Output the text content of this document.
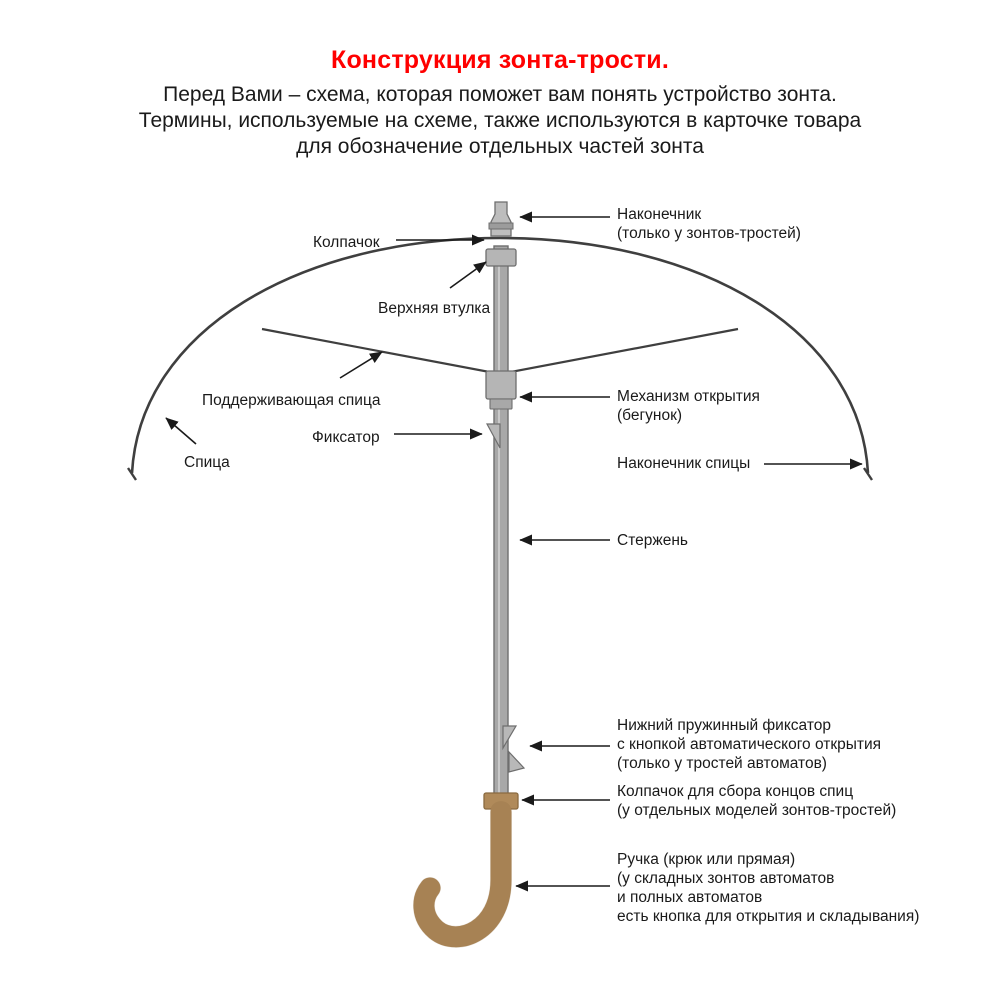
Конструкция зонта-трости.
Перед Вами – схема, которая поможет вам понять устройство зонта.
Термины, используемые на схеме, также используются в карточке товара
для обозначение отдельных частей зонта
Наконечник
(только у зонтов-тростей)
Колпачок
Верхняя втулка
Поддерживающая спица	Механизм открытия
(бегунок)
Фиксатор
Спица	Наконечник спицы
Стержень
Нижний пружинный фиксатор
с кнопкой автоматического открытия
(только у тростей автоматов)
Колпачок для сбора концов спиц
(у отдельных моделей зонтов-тростей)
Ручка (крюк или прямая)
(у складных зонтов автоматов
и полных автоматов
есть кнопка для открытия и складывания)
